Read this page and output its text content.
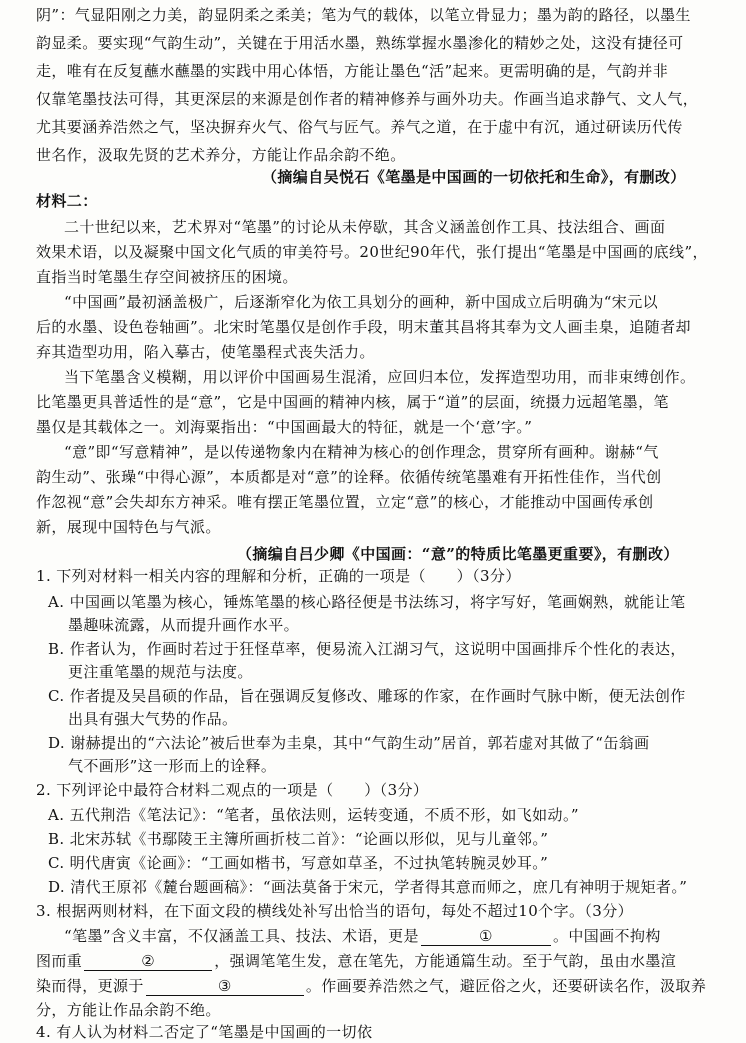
阴”：气显阳刚之力美，韵显阴柔之柔美；笔为气的载体，以笔立骨显力；墨为韵的路径，以墨生
韵显柔。要实现“气韵生动”，关键在于用活水墨，熟练掌握水墨渗化的精妙之处，这没有捷径可
走，唯有在反复蘸水蘸墨的实践中用心体悟，方能让墨色“活”起来。更需明确的是，气韵并非
仅靠笔墨技法可得，其更深层的来源是创作者的精神修养与画外功夫。作画当追求静气、文人气，
尤其要涵养浩然之气，坚决摒弃火气、俗气与匠气。养气之道，在于虚中有沉，通过研读历代传
世名作，汲取先贤的艺术养分，方能让作品余韵不绝。
（摘编自吴悦石《笔墨是中国画的一切依托和生命》，有删改）
材料二：
二十世纪以来，艺术界对“笔墨”的讨论从未停歇，其含义涵盖创作工具、技法组合、画面
效果术语，以及凝聚中国文化气质的审美符号。20世纪90年代，张仃提出“笔墨是中国画的底线”，
直指当时笔墨生存空间被挤压的困境。
“中国画”最初涵盖极广，后逐渐窄化为依工具划分的画种，新中国成立后明确为“宋元以
后的水墨、设色卷轴画”。北宋时笔墨仅是创作手段，明末董其昌将其奉为文人画圭臬，追随者却
弃其造型功用，陷入摹古，使笔墨程式丧失活力。
当下笔墨含义模糊，用以评价中国画易生混淆，应回归本位，发挥造型功用，而非束缚创作。
比笔墨更具普适性的是“意”，它是中国画的精神内核，属于“道”的层面，统摄力远超笔墨，笔
墨仅是其载体之一。刘海粟指出：“中国画最大的特征，就是一个‘意’字。”
“意”即“写意精神”，是以传递物象内在精神为核心的创作理念，贯穿所有画种。谢赫“气
韵生动”、张璪“中得心源”，本质都是对“意”的诠释。依循传统笔墨难有开拓性佳作，当代创
作忽视“意”会失却东方神采。唯有摆正笔墨位置，立定“意”的核心，才能推动中国画传承创
新，展现中国特色与气派。
（摘编自吕少卿《中国画：“意”的特质比笔墨更重要》，有删改）
1. 下列对材料一相关内容的理解和分析，正确的一项是（　　）（3分）
A. 中国画以笔墨为核心，锤炼笔墨的核心路径便是书法练习，将字写好，笔画娴熟，就能让笔
墨趣味流露，从而提升画作水平。
B. 作者认为，作画时若过于狂怪草率，便易流入江湖习气，这说明中国画排斥个性化的表达，
更注重笔墨的规范与法度。
C. 作者提及吴昌硕的作品，旨在强调反复修改、雕琢的作家，在作画时气脉中断，便无法创作
出具有强大气势的作品。
D. 谢赫提出的“六法论”被后世奉为圭臬，其中“气韵生动”居首，郭若虚对其做了“缶翁画
气不画形”这一形而上的诠释。
2. 下列评论中最符合材料二观点的一项是（　　）（3分）
A. 五代荆浩《笔法记》：“笔者，虽依法则，运转变通，不质不形，如飞如动。”
B. 北宋苏轼《书鄢陵王主簿所画折枝二首》：“论画以形似，见与儿童邻。”
C. 明代唐寅《论画》：“工画如楷书，写意如草圣，不过执笔转腕灵妙耳。”
D. 清代王原祁《麓台题画稿》：“画法莫备于宋元，学者得其意而师之，庶几有神明于规矩者。”
3. 根据两则材料，在下面文段的横线处补写出恰当的语句，每处不超过10个字。（3分）
“笔墨”含义丰富，不仅涵盖工具、技法、术语，更是	①	。中国画不拘构
图而重	②	，强调笔笔生发，意在笔先，方能通篇生动。至于气韵，虽由水墨渲
染而得，更源于	③	。作画要养浩然之气，避匠俗之火，还要研读名作，汲取养
分，方能让作品余韵不绝。
4. 有人认为材料二否定了“笔墨是中国画的一切依
